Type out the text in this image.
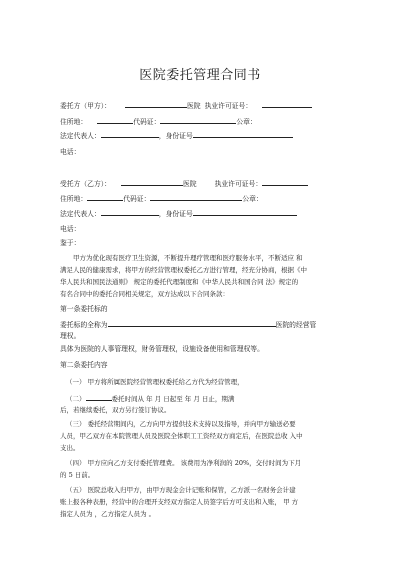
医院委托管理合同书
委托方（甲方）：	医院 执业许可证号：
住所地：	代码证：	公章：
法定代表人：	，身份证号
电话：
受托方（乙方）：	医院	执业许可证号：
住所地：	代码证：	公章：
法定代表人：	，身份证号
电话：
鉴于：
甲方为优化现有医疗卫生资源，不断提升理疗管理和医疗服务水平，不断适应 和
满足人民的健康需求，将甲方的经营管理权委托乙方进行管理，经充分协商，根据《中
华人民共和国民法通则》 规定的委托代理制度和《中华人民共和国合同 法》规定的
有名合同中的委托合同相关规定，双方达成以下合同条款：
第一条委托标的
委托标的全称为	医院的经营管
理权。
具体为医院的人事管理权，财务管理权，设施设备使用和管理权等。
第二条委托内容
（一） 甲方将所属医院经营管理权委托给乙方代为经营管理，
（二）	委托时间从 年 月 日起至 年 月 日止，期满
后，若继续委托，双方另行签订协议。
（三） 委托经营期间内，乙方向甲方提供技术支持以及指导，并向甲方输送必要
人员，甲乙双方在本院管理人员及医院全体职工工资经双方商定后，在医院总收 入中
支出。
（四） 甲方应向乙方支付委托管理费。 该费用为净利润的 20%，交付时间为下月
的 5 日前。
（五） 医院总收入归甲方，由甲方现金会计记账和保管，乙方派一名财务会计建
账上报各种表册，经营中的合理开支经双方指定人员签字后方可支出和入账， 甲 方
指定人员为 ，乙方指定人员为 。
